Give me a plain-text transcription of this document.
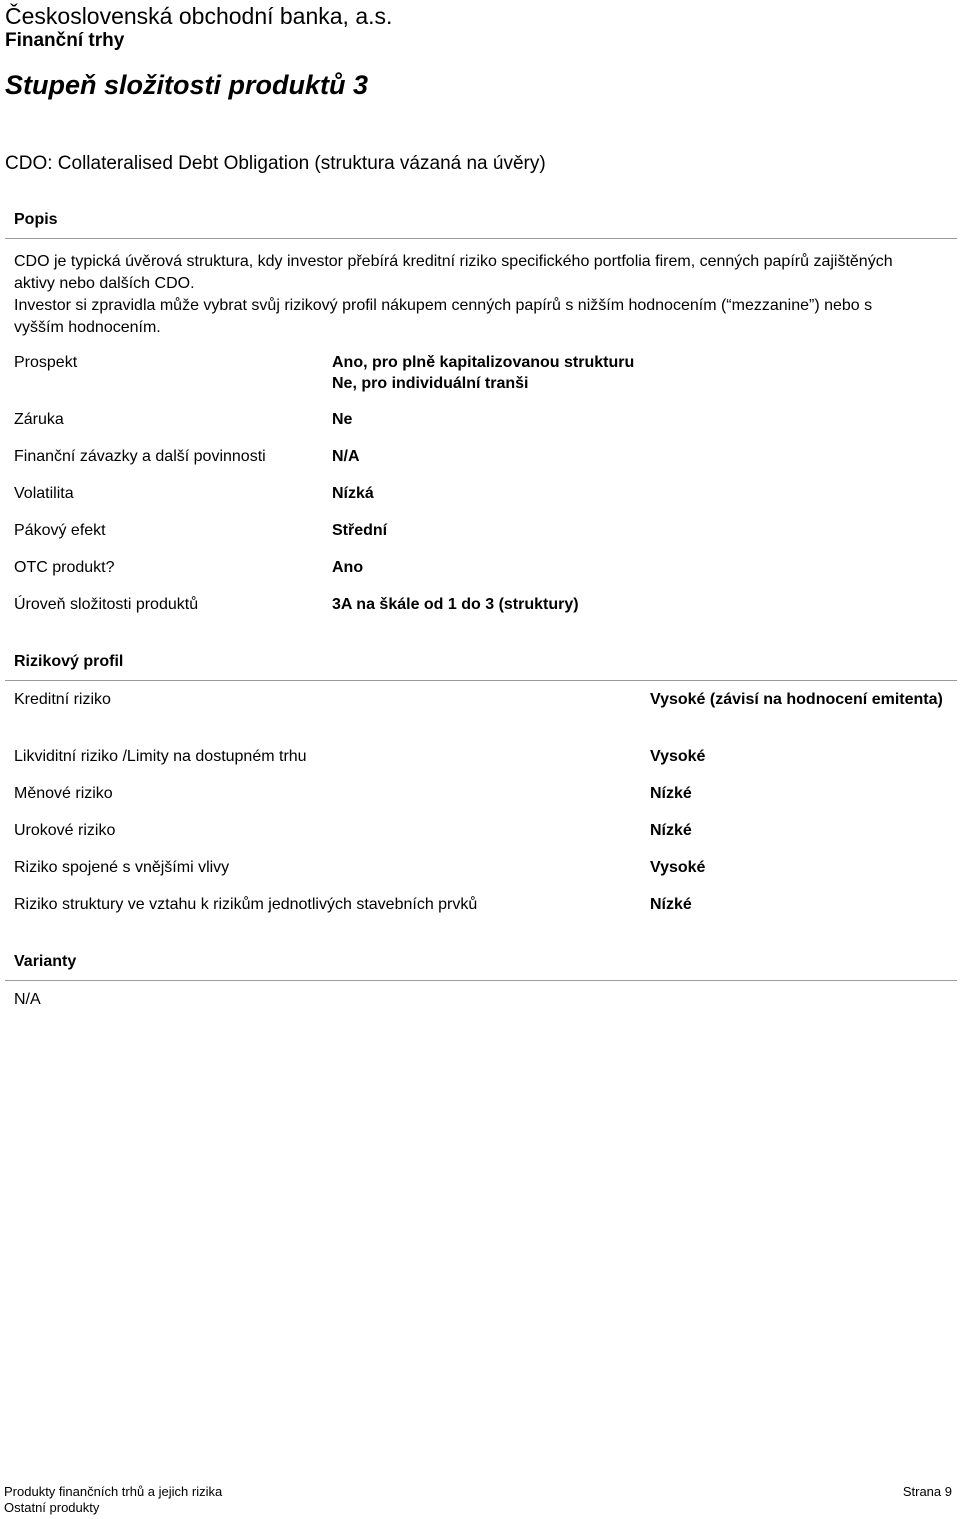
Československá obchodní banka, a.s.
Finanční trhy
Stupeň složitosti produktů 3
CDO: Collateralised Debt Obligation (struktura vázaná na úvěry)
Popis
CDO je typická úvěrová struktura, kdy investor přebírá kreditní riziko specifického portfolia firem, cenných papírů zajištěných aktivy nebo dalších CDO.
Investor si zpravidla může vybrat svůj rizikový profil nákupem cenných papírů s nižším hodnocením (“mezzanine”) nebo s vyšším hodnocením.
Prospekt	Ano, pro plně kapitalizovanou strukturu
Ne, pro individuální tranši
Záruka	Ne
Finanční závazky a další povinnosti	N/A
Volatilita	Nízká
Pákový efekt	Střední
OTC produkt?	Ano
Úroveň složitosti produktů	3A na škále od 1 do 3 (struktury)
Rizikový profil
Kreditní riziko	Vysoké (závisí na hodnocení emitenta)
Likviditní riziko /Limity na dostupném trhu	Vysoké
Měnové riziko	Nízké
Urokové riziko	Nízké
Riziko spojené s vnějšími vlivy	Vysoké
Riziko struktury ve vztahu k rizikům jednotlivých stavebních prvků	Nízké
Varianty
N/A
Produkty finančních trhů a jejich rizika
Ostatní produkty
Strana 9
